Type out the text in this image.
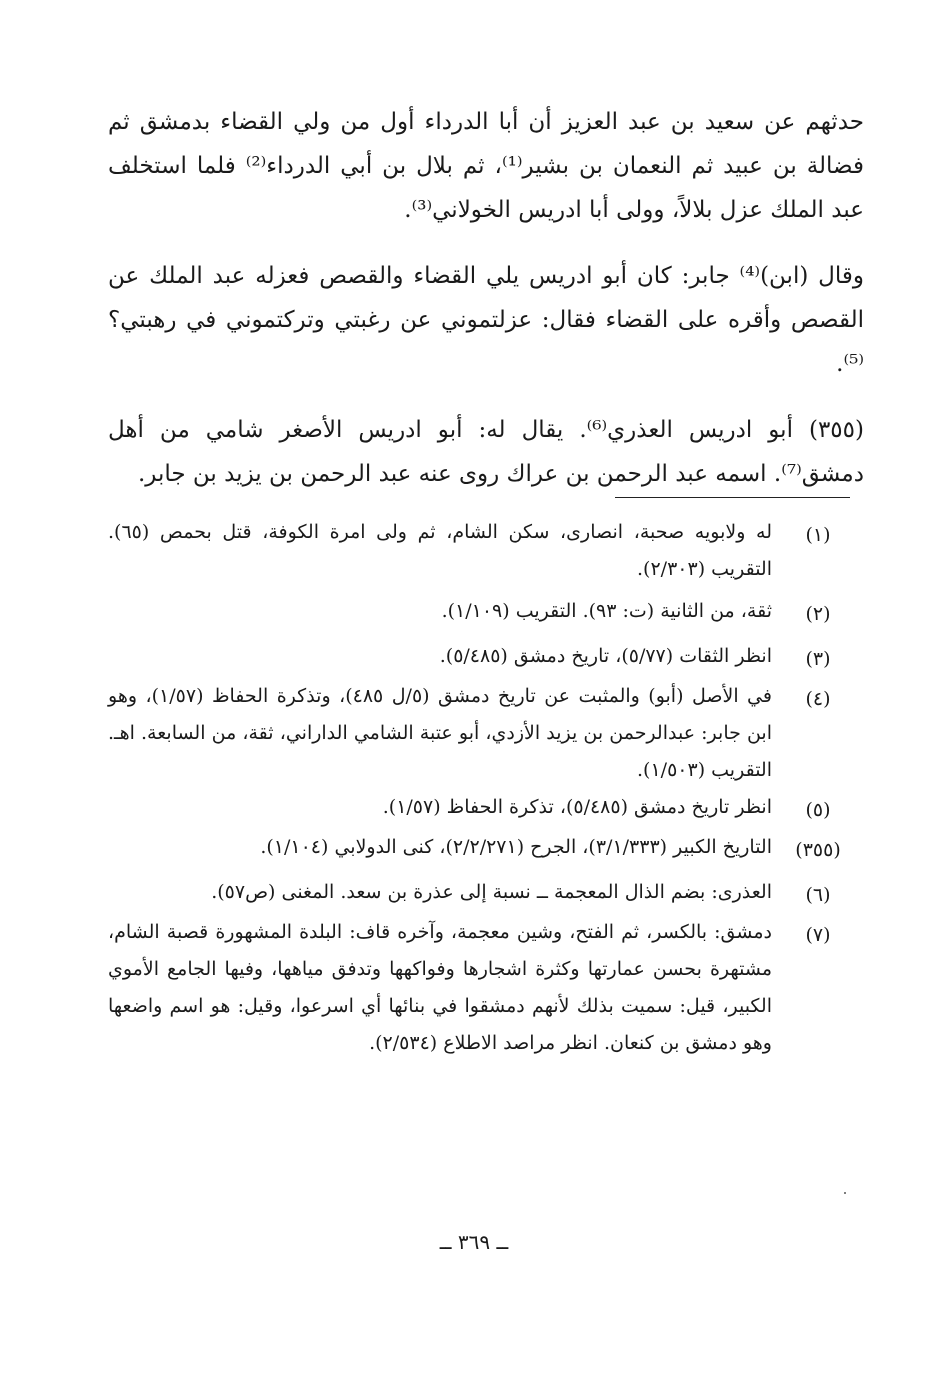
حدثهم عن سعيد بن عبد العزيز أن أبا الدرداء أول من ولي القضاء بدمشق ثم فضالة بن عبيد ثم النعمان بن بشير⁽¹⁾، ثم بلال بن أبي الدرداء⁽²⁾ فلما استخلف عبد الملك عزل بلالاً، وولى أبا ادريس الخولاني⁽³⁾.

وقال (ابن)⁽⁴⁾ جابر: كان أبو ادريس يلي القضاء والقصص فعزله عبد الملك عن القصص وأقره على القضاء فقال: عزلتموني عن رغبتي وتركتموني في رهبتي؟⁽⁵⁾.

(٣٥٥) أبو ادريس العذري⁽⁶⁾. يقال له: أبو ادريس الأصغر شامي من أهل دمشق⁽⁷⁾. اسمه عبد الرحمن بن عراك روى عنه عبد الرحمن بن يزيد بن جابر.

(١)
له ولابويه صحبة، انصارى، سكن الشام، ثم ولى امرة الكوفة، قتل بحمص (٦٥). التقريب (٢/٣٠٣).
(٢)
ثقة، من الثانية (ت: ٩٣). التقريب (١/١٠٩).
(٣)
انظر الثقات (٥/٧٧)، تاريخ دمشق (٥/٤٨٥).
(٤)
في الأصل (أبو) والمثبت عن تاريخ دمشق (٥/ل ٤٨٥)، وتذكرة الحفاظ (١/٥٧)، وهو ابن جابر: عبدالرحمن بن يزيد الأزدي، أبو عتبة الشامي الداراني، ثقة، من السابعة. اهـ. التقريب (١/٥٠٣).
(٥)
انظر تاريخ دمشق (٥/٤٨٥)، تذكرة الحفاظ (١/٥٧).
(٣٥٥)
التاريخ الكبير (٣/١/٣٣٣)، الجرح (٢/٢/٢٧١)، كنى الدولابي (١/١٠٤).
(٦)
العذرى: بضم الذال المعجمة ــ نسبة إلى عذرة بن سعد. المغنى (ص٥٧).
(٧)
دمشق: بالكسر، ثم الفتح، وشين معجمة، وآخره قاف: البلدة المشهورة قصبة الشام، مشتهرة بحسن عمارتها وكثرة اشجارها وفواكهها وتدفق مياهها، وفيها الجامع الأموي الكبير، قيل: سميت بذلك لأنهم دمشقوا في بنائها أي اسرعوا، وقيل: هو اسم واضعها وهو دمشق بن كنعان. انظر مراصد الاطلاع (٢/٥٣٤).
ــ ٣٦٩ ــ
